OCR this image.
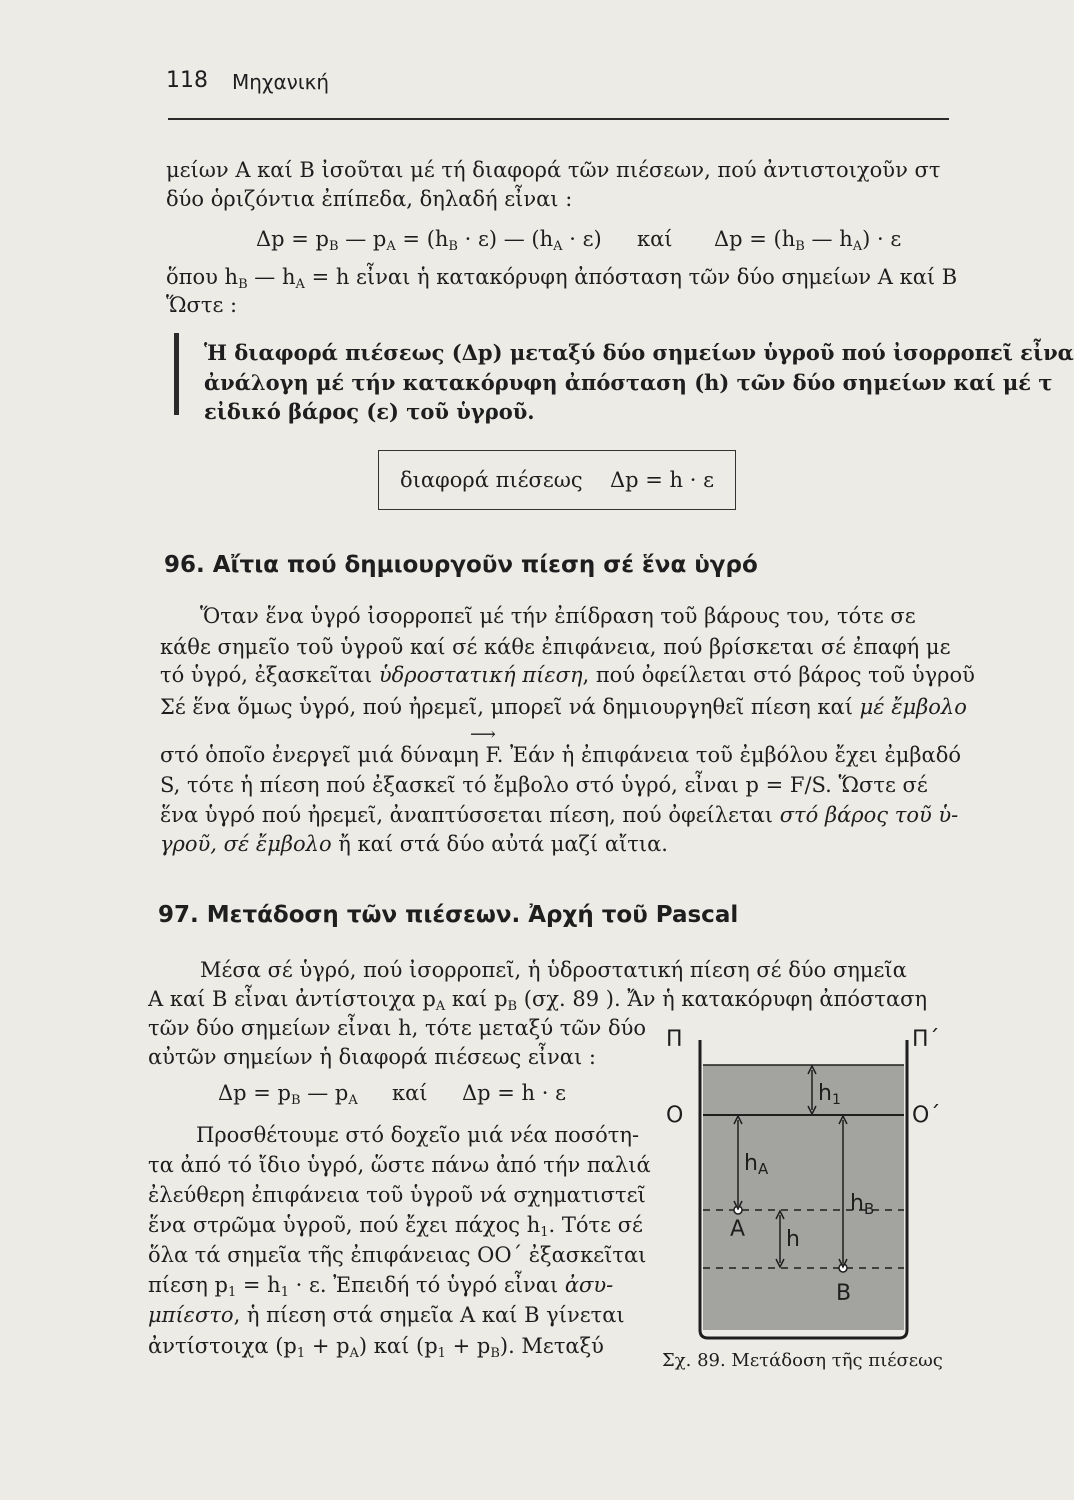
118 Μηχανική
μείων Α καί Β ἰσοῦται μέ τή διαφορά τῶν πιέσεων, πού ἀντιστοιχοῦν στ
δύο ὁριζόντια ἐπίπεδα, δηλαδή εἶναι :
$\Delta p = p_B$ — $p_A = (h_B \cdot \varepsilon)$ — $(h_A \cdot \varepsilon)$ καί $\Delta p = (h_B$ — $h_A) \cdot \varepsilon$
ὅπου $h_B$ — $h_A = h$ εἶναι ἡ κατακόρυφη ἀπόσταση τῶν δύο σημείων Α καί Β
Ὥστε :
Ἡ διαφορά πιέσεως (Δp) μεταξύ δύο σημείων ὑγροῦ πού ἰσορροπεῖ εἶνα
ἀνάλογη μέ τήν κατακόρυφη ἀπόσταση (h) τῶν δύο σημείων καί μέ τ
εἰδικό βάρος (ε) τοῦ ὑγροῦ.
διαφορά πιέσεως Δp = h · ε
96. Αἴτια πού δημιουργοῦν πίεση σέ ἕνα ὑγρό
Ὅταν ἕνα ὑγρό ἰσορροπεῖ μέ τήν ἐπίδραση τοῦ βάρους του, τότε σε
κάθε σημεῖο τοῦ ὑγροῦ καί σέ κάθε ἐπιφάνεια, πού βρίσκεται σέ ἐπαφή με
τό ὑγρό, ἐξασκεῖται ὑδροστατική πίεση, πού ὀφείλεται στό βάρος τοῦ ὑγροῦ
Σέ ἕνα ὅμως ὑγρό, πού ἠρεμεῖ, μπορεῖ νά δημιουργηθεῖ πίεση καί μέ ἔμβολο
⟶
στό ὁποῖο ἐνεργεῖ μιά δύναμη F. Ἐάν ἡ ἐπιφάνεια τοῦ ἐμβόλου ἔχει ἐμβαδό
S, τότε ἡ πίεση πού ἐξασκεῖ τό ἔμβολο στό ὑγρό, εἶναι p = F/S. Ὥστε σέ
ἕνα ὑγρό πού ἠρεμεῖ, ἀναπτύσσεται πίεση, πού ὀφείλεται στό βάρος τοῦ ὑ-
γροῦ, σέ ἔμβολο ἤ καί στά δύο αὐτά μαζί αἴτια.
97. Μετάδοση τῶν πιέσεων. Ἀρχή τοῦ Pascal
Μέσα σέ ὑγρό, πού ἰσορροπεῖ, ἡ ὑδροστατική πίεση σέ δύο σημεῖα
Α καί Β εἶναι ἀντίστοιχα $p_A$ καί $p_B$ (σχ. 89 ). Ἄν ἡ κατακόρυφη ἀπόσταση
τῶν δύο σημείων εἶναι h, τότε μεταξύ τῶν δύο
αὐτῶν σημείων ἡ διαφορά πιέσεως εἶναι :
$\Delta p = p_B$ — $p_A$ καί Δp = h · ε
Προσθέτουμε στό δοχεῖο μιά νέα ποσότη-
τα ἀπό τό ἴδιο ὑγρό, ὥστε πάνω ἀπό τήν παλιά
ἐλεύθερη ἐπιφάνεια τοῦ ὑγροῦ νά σχηματιστεῖ
ἕνα στρῶμα ὑγροῦ, πού ἔχει πάχος $h_1$. Τότε σέ
ὅλα τά σημεῖα τῆς ἐπιφάνειας ΟΟ΄ ἐξασκεῖται
πίεση $p_1 = h_1 \cdot \varepsilon$. Ἐπειδή τό ὑγρό εἶναι ἀσυ-
μπίεστο, ἡ πίεση στά σημεῖα Α καί Β γίνεται
ἀντίστοιχα $(p_1 + p_A)$ καί $(p_1 + p_B)$. Μεταξύ
Π	Π΄
Ο	Ο΄
h1
hA
hB
h
Α
Β
Σχ. 89. Μετάδοση τῆς πιέσεως
